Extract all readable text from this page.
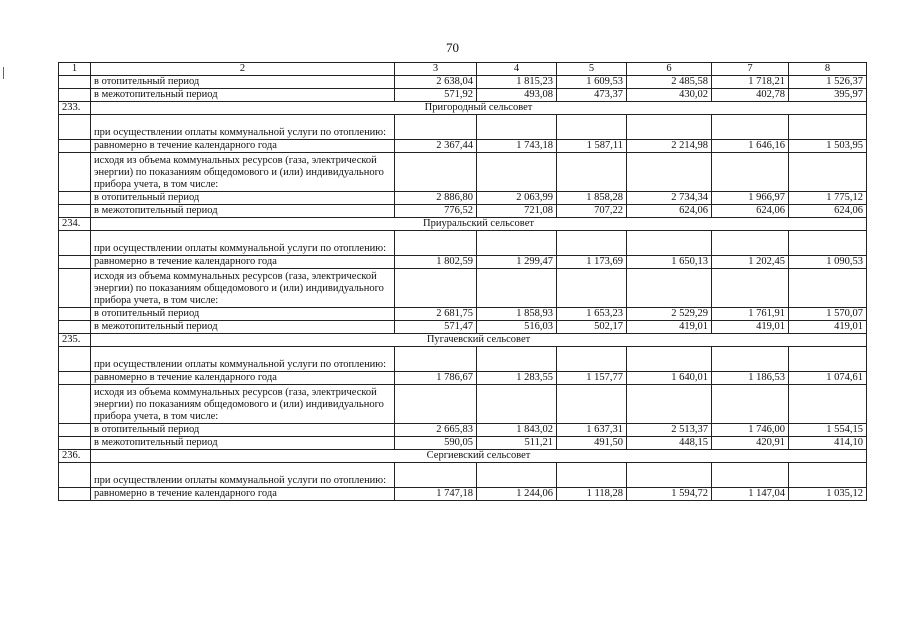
70
1	2	3	4	5	6	7	8
	в отопительный период	2 638,04	1 815,23	1 609,53	2 485,58	1 718,21	1 526,37
	в межотопительный период	571,92	493,08	473,37	430,02	402,78	395,97
233.	Пригородный сельсовет						
	при осуществлении оплаты коммунальной услуги по отоплению:						
	равномерно в течение календарного года	2 367,44	1 743,18	1 587,11	2 214,98	1 646,16	1 503,95
	исходя из объема коммунальных ресурсов (газа, электрической энергии) по показаниям общедомового и (или) индивидуального прибора учета, в том числе:						
	в отопительный период	2 886,80	2 063,99	1 858,28	2 734,34	1 966,97	1 775,12
	в межотопительный период	776,52	721,08	707,22	624,06	624,06	624,06
234.	Приуральский сельсовет						
	при осуществлении оплаты коммунальной услуги по отоплению:						
	равномерно в течение календарного года	1 802,59	1 299,47	1 173,69	1 650,13	1 202,45	1 090,53
	исходя из объема коммунальных ресурсов (газа, электрической энергии) по показаниям общедомового и (или) индивидуального прибора учета, в том числе:						
	в отопительный период	2 681,75	1 858,93	1 653,23	2 529,29	1 761,91	1 570,07
	в межотопительный период	571,47	516,03	502,17	419,01	419,01	419,01
235.	Пугачевский сельсовет						
	при осуществлении оплаты коммунальной услуги по отоплению:						
	равномерно в течение календарного года	1 786,67	1 283,55	1 157,77	1 640,01	1 186,53	1 074,61
	исходя из объема коммунальных ресурсов (газа, электрической энергии) по показаниям общедомового и (или) индивидуального прибора учета, в том числе:						
	в отопительный период	2 665,83	1 843,02	1 637,31	2 513,37	1 746,00	1 554,15
	в межотопительный период	590,05	511,21	491,50	448,15	420,91	414,10
236.	Сергиевский сельсовет						
	при осуществлении оплаты коммунальной услуги по отоплению:						
	равномерно в течение календарного года	1 747,18	1 244,06	1 118,28	1 594,72	1 147,04	1 035,12
